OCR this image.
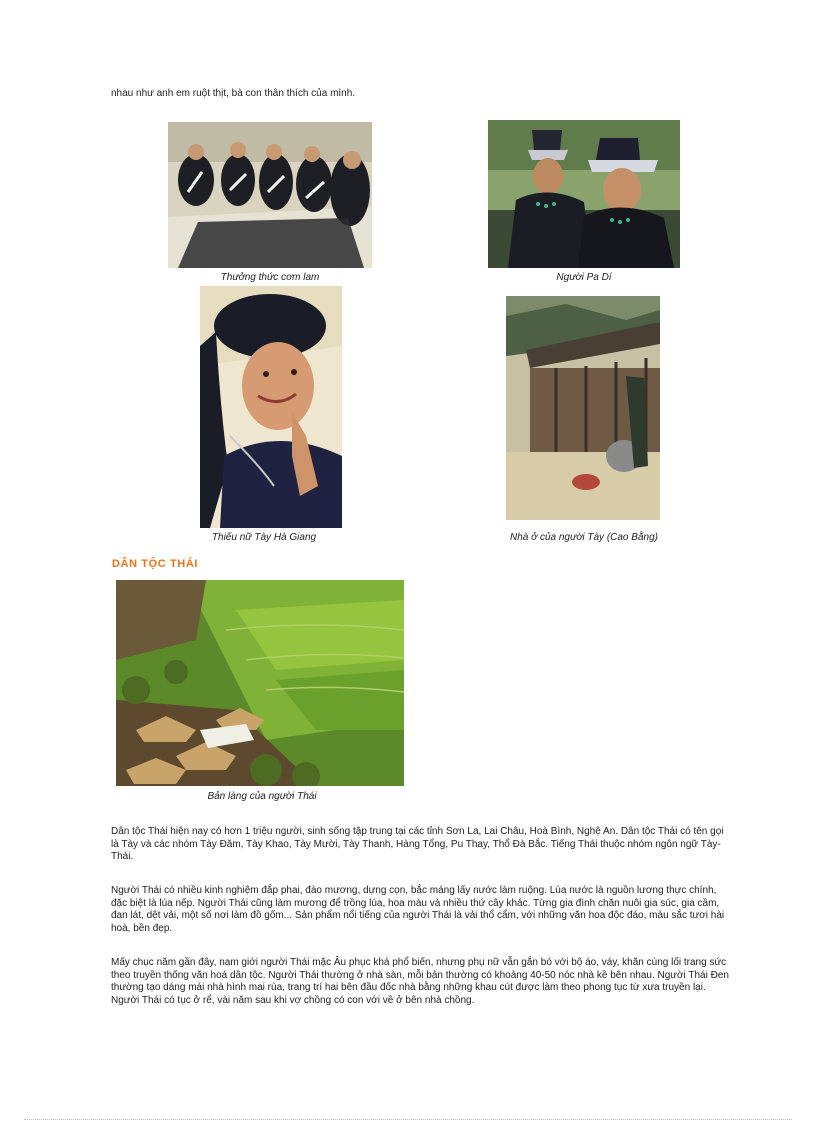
nhau như anh em ruột thịt, bà con thân thích của mình.
Thưởng thức cơm lam	Người Pa Dí
Thiếu nữ Tày Hà Giang	Nhà ở của người Tày (Cao Bằng)
DÂN TỘC THÁI
Bản làng của người Thái
Dân tộc Thái hiện nay có hơn 1 triệu người, sinh sống tập trung tại các tỉnh Sơn La, Lai Châu, Hoà Bình, Nghệ An. Dân tộc Thái có tên gọi là Tày và các nhóm Tày Đăm, Tày Khao, Tày Mười, Tày Thanh, Hàng Tổng, Pu Thay, Thổ Đà Bắc. Tiếng Thái thuộc nhóm ngôn ngữ Tày-Thái.
Người Thái có nhiều kinh nghiệm đắp phai, đào mương, dựng cọn, bắc máng lấy nước làm ruộng. Lúa nước là nguồn lương thực chính, đặc biệt là lúa nếp. Người Thái cũng làm mương để trồng lúa, hoa màu và nhiều thứ cây khác. Từng gia đình chăn nuôi gia súc, gia cầm, đan lát, dệt vải, một số nơi làm đồ gốm... Sản phẩm nổi tiếng của người Thái là vải thổ cẩm, với những văn hoa độc đáo, màu sắc tươi hài hoà, bền đẹp.
Mấy chục năm gần đây, nam giới người Thái mặc Âu phục khá phổ biến, nhưng phụ nữ vẫn gắn bó với bộ áo, váy, khăn cùng lối trang sức theo truyền thống văn hoá dân tộc. Người Thái thường ở nhà sàn, mỗi bản thường có khoảng 40-50 nóc nhà kề bên nhau. Người Thái Đen thường tạo dáng mái nhà hình mai rùa, trang trí hai bên đầu đốc nhà bằng những khau cút được làm theo phong tục từ xưa truyền lại. Người Thái có tục ở rể, vài năm sau khi vợ chồng có con với về ở bên nhà chồng.
